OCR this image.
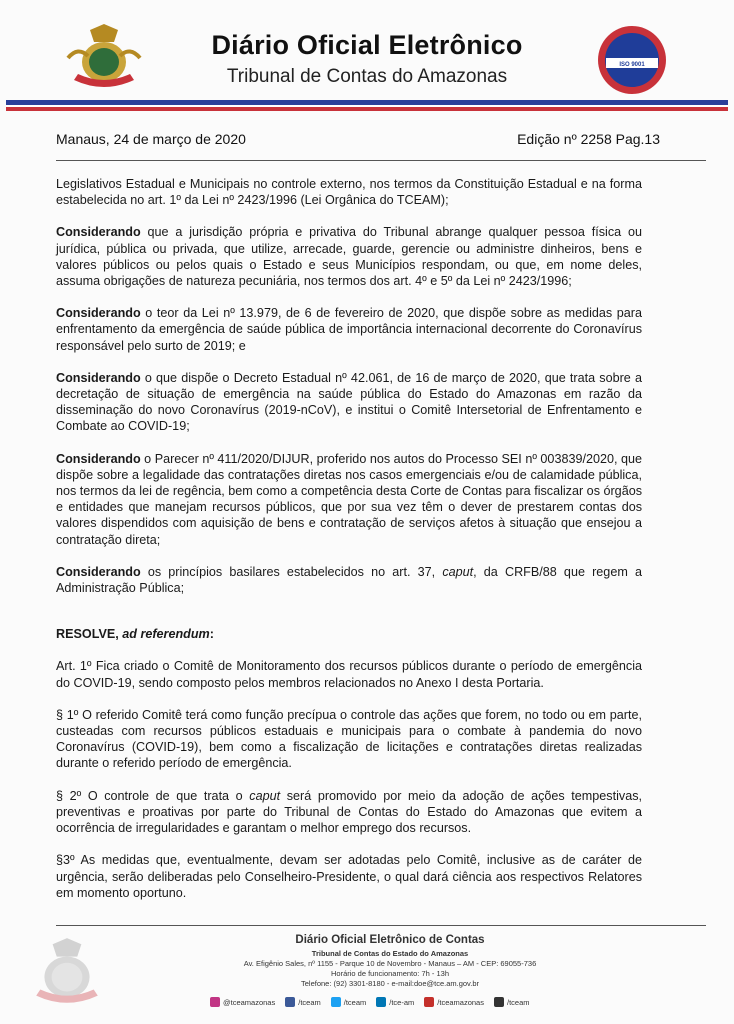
Diário Oficial Eletrônico
Tribunal de Contas do Amazonas
ISO 9001
Manaus, 24 de março de 2020	Edição nº 2258 Pag.13

Legislativos Estadual e Municipais no controle externo, nos termos da Constituição Estadual e na forma estabelecida no art. 1º da Lei nº 2423/1996 (Lei Orgânica do TCEAM);

Considerando que a jurisdição própria e privativa do Tribunal abrange qualquer pessoa física ou jurídica, pública ou privada, que utilize, arrecade, guarde, gerencie ou administre dinheiros, bens e valores públicos ou pelos quais o Estado e seus Municípios respondam, ou que, em nome deles, assuma obrigações de natureza pecuniária, nos termos dos art. 4º e 5º da Lei nº 2423/1996;

Considerando o teor da Lei nº 13.979, de 6 de fevereiro de 2020, que dispõe sobre as medidas para enfrentamento da emergência de saúde pública de importância internacional decorrente do Coronavírus responsável pelo surto de 2019; e

Considerando o que dispõe o Decreto Estadual nº 42.061, de 16 de março de 2020, que trata sobre a decretação de situação de emergência na saúde pública do Estado do Amazonas em razão da disseminação do novo Coronavírus (2019-nCoV), e institui o Comitê Intersetorial de Enfrentamento e Combate ao COVID-19;

Considerando o Parecer nº 411/2020/DIJUR, proferido nos autos do Processo SEI nº 003839/2020, que dispõe sobre a legalidade das contratações diretas nos casos emergenciais e/ou de calamidade pública, nos termos da lei de regência, bem como a competência desta Corte de Contas para fiscalizar os órgãos e entidades que manejam recursos públicos, que por sua vez têm o dever de prestarem contas dos valores dispendidos com aquisição de bens e contratação de serviços afetos à situação que ensejou a contratação direta;

Considerando os princípios basilares estabelecidos no art. 37, caput, da CRFB/88 que regem a Administração Pública;

RESOLVE, ad referendum:

Art. 1º Fica criado o Comitê de Monitoramento dos recursos públicos durante o período de emergência do COVID-19, sendo composto pelos membros relacionados no Anexo I desta Portaria.

§ 1º O referido Comitê terá como função precípua o controle das ações que forem, no todo ou em parte, custeadas com recursos públicos estaduais e municipais para o combate à pandemia do novo Coronavírus (COVID-19), bem como a fiscalização de licitações e contratações diretas realizadas durante o referido período de emergência.

§ 2º O controle de que trata o caput será promovido por meio da adoção de ações tempestivas, preventivas e proativas por parte do Tribunal de Contas do Estado do Amazonas que evitem a ocorrência de irregularidades e garantam o melhor emprego dos recursos.

§3º As medidas que, eventualmente, devam ser adotadas pelo Comitê, inclusive as de caráter de urgência, serão deliberadas pelo Conselheiro-Presidente, o qual dará ciência aos respectivos Relatores em momento oportuno.

Diário Oficial Eletrônico de Contas
Tribunal de Contas do Estado do Amazonas
Av. Efigênio Sales, nº 1155 - Parque 10 de Novembro - Manaus – AM - CEP: 69055-736
Horário de funcionamento: 7h - 13h
Telefone: (92) 3301-8180 - e-mail:doe@tce.am.gov.br
@tceamazonas	/tceam	/tceam	/tce-am	/tceamazonas	/tceam
